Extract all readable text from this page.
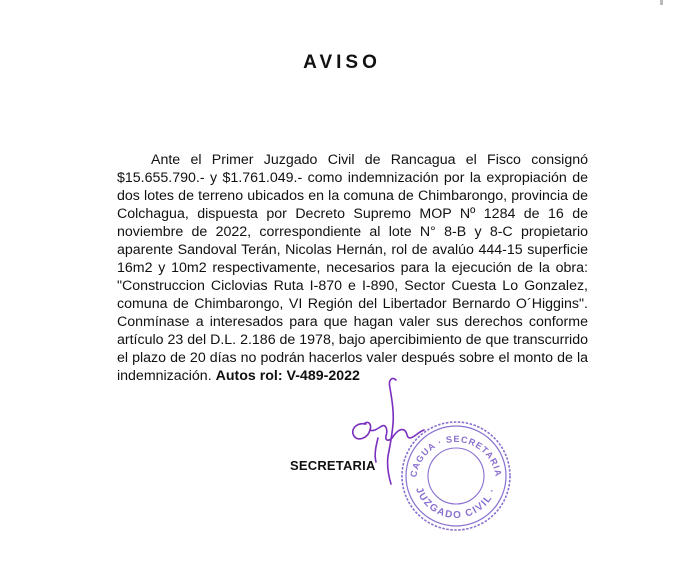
AVISO

Ante el Primer Juzgado Civil de Rancagua el Fisco consignó $15.655.790.- y $1.761.049.- como indemnización por la expropiación de dos lotes de terreno ubicados en la comuna de Chimbarongo, provincia de Colchagua, dispuesta por Decreto Supremo MOP Nº 1284 de 16 de noviembre de 2022, correspondiente al lote N° 8-B y 8-C propietario aparente Sandoval Terán, Nicolas Hernán, rol de avalúo 444-15 superficie 16m2 y 10m2 respectivamente, necesarios para la ejecución de la obra: "Construccion Ciclovias Ruta I-870 e I-890, Sector Cuesta Lo Gonzalez, comuna de Chimbarongo, VI Región del Libertador Bernardo O´Higgins". Conmínase a interesados para que hagan valer sus derechos conforme artículo 23 del D.L. 2.186 de 1978, bajo apercibimiento de que transcurrido el plazo de 20 días no podrán hacerlos valer después sobre el monto de la indemnización. Autos rol: V-489-2022

CAGUA · SECRETARIA
JUZGADO CIVIL ·
SECRETARIA
